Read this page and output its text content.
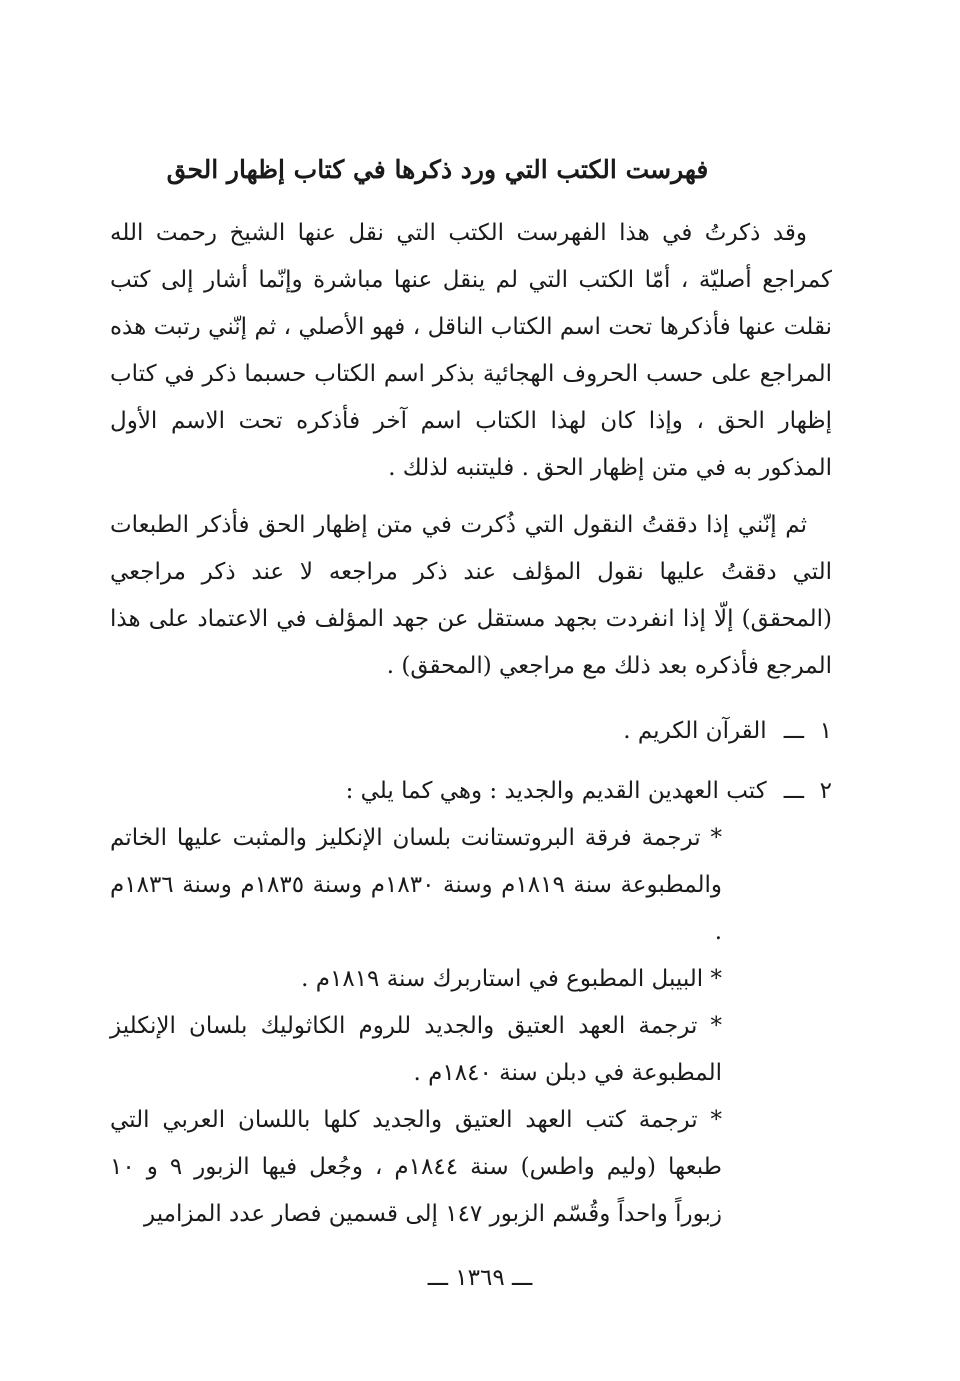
فهرست الكتب التي ورد ذكرها في كتاب إظهار الحق

وقد ذكرتُ في هذا الفهرست الكتب التي نقل عنها الشيخ رحمت الله كمراجع أصليّة ، أمّا الكتب التي لم ينقل عنها مباشرة وإنّما أشار إلى كتب نقلت عنها فأذكرها تحت اسم الكتاب الناقل ، فهو الأصلي ، ثم إنّني رتبت هذه المراجع على حسب الحروف الهجائية بذكر اسم الكتاب حسبما ذكر في كتاب إظهار الحق ، وإذا كان لهذا الكتاب اسم آخر فأذكره تحت الاسم الأول المذكور به في متن إظهار الحق . فليتنبه لذلك .

ثم إنّني إذا دققتُ النقول التي ذُكرت في متن إظهار الحق فأذكر الطبعات التي دققتُ عليها نقول المؤلف عند ذكر مراجعه لا عند ذكر مراجعي (المحقق) إلّا إذا انفردت بجهد مستقل عن جهد المؤلف في الاعتماد على هذا المرجع فأذكره بعد ذلك مع مراجعي (المحقق) .

١ـــ القرآن الكريم .
٢ـــ كتب العهدين القديم والجديد : وهي كما يلي :

* ترجمة فرقة البروتستانت بلسان الإنكليز والمثبت عليها الخاتم والمطبوعة سنة ١٨١٩م وسنة ١٨٣٠م وسنة ١٨٣٥م وسنة ١٨٣٦م .

* البيبل المطبوع في استاربرك سنة ١٨١٩م .

* ترجمة العهد العتيق والجديد للروم الكاثوليك بلسان الإنكليز المطبوعة في دبلن سنة ١٨٤٠م .

* ترجمة كتب العهد العتيق والجديد كلها باللسان العربي التي طبعها (وليم واطس) سنة ١٨٤٤م ، وجُعل فيها الزبور ٩ و ١٠ زبوراً واحداً وقُسّم الزبور ١٤٧ إلى قسمين فصار عدد المزامير

ـــ ١٣٦٩ ـــ
